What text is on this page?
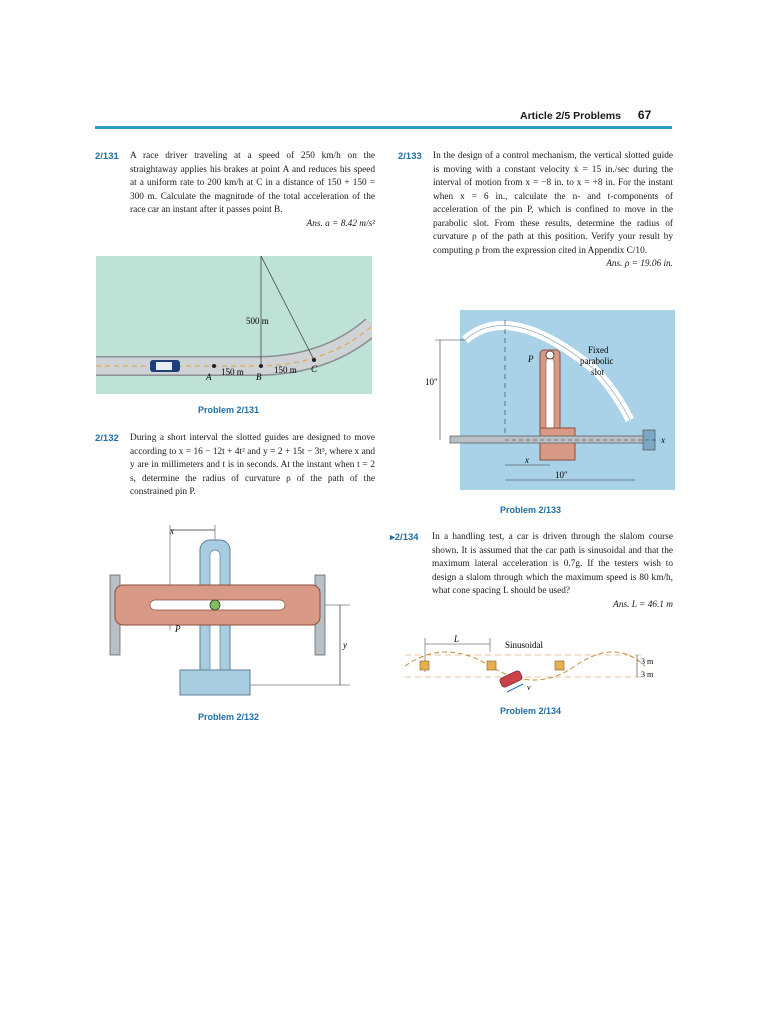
Article 2/5 Problems 67
2/131 A race driver traveling at a speed of 250 km/h on the straightaway applies his brakes at point A and reduces his speed at a uniform rate to 200 km/h at C in a distance of 150 + 150 = 300 m. Calculate the magnitude of the total acceleration of the race car an instant after it passes point B.
Ans. a = 8.42 m/s²
500 m
150 m	150 m
A	B
C
Problem 2/131
2/132 During a short interval the slotted guides are designed to move according to x = 16 − 12t + 4t² and y = 2 + 15t − 3t³, where x and y are in millimeters and t is in seconds. At the instant when t = 2 s, determine the radius of curvature ρ of the path of the constrained pin P.
x
P
y
Problem 2/132
2/133 In the design of a control mechanism, the vertical slotted guide is moving with a constant velocity ẋ = 15 in./sec during the interval of motion from x = −8 in. to x = +8 in. For the instant when x = 6 in., calculate the n- and t-components of acceleration of the pin P, which is confined to move in the parabolic slot. From these results, determine the radius of curvature ρ of the path at this position. Verify your result by computing ρ from the expression cited in Appendix C/10.
Ans. ρ = 19.06 in.
x
P
Fixed
parabolic
slot
10″
x
10″
Problem 2/133
▸2/134 In a handling test, a car is driven through the slalom course shown. It is assumed that the car path is sinusoidal and that the maximum lateral acceleration is 0.7g. If the testers wish to design a slalom through which the maximum speed is 80 km/h, what cone spacing L should be used?
Ans. L = 46.1 m
L
Sinusoidal
v
3 m
3 m
Problem 2/134
